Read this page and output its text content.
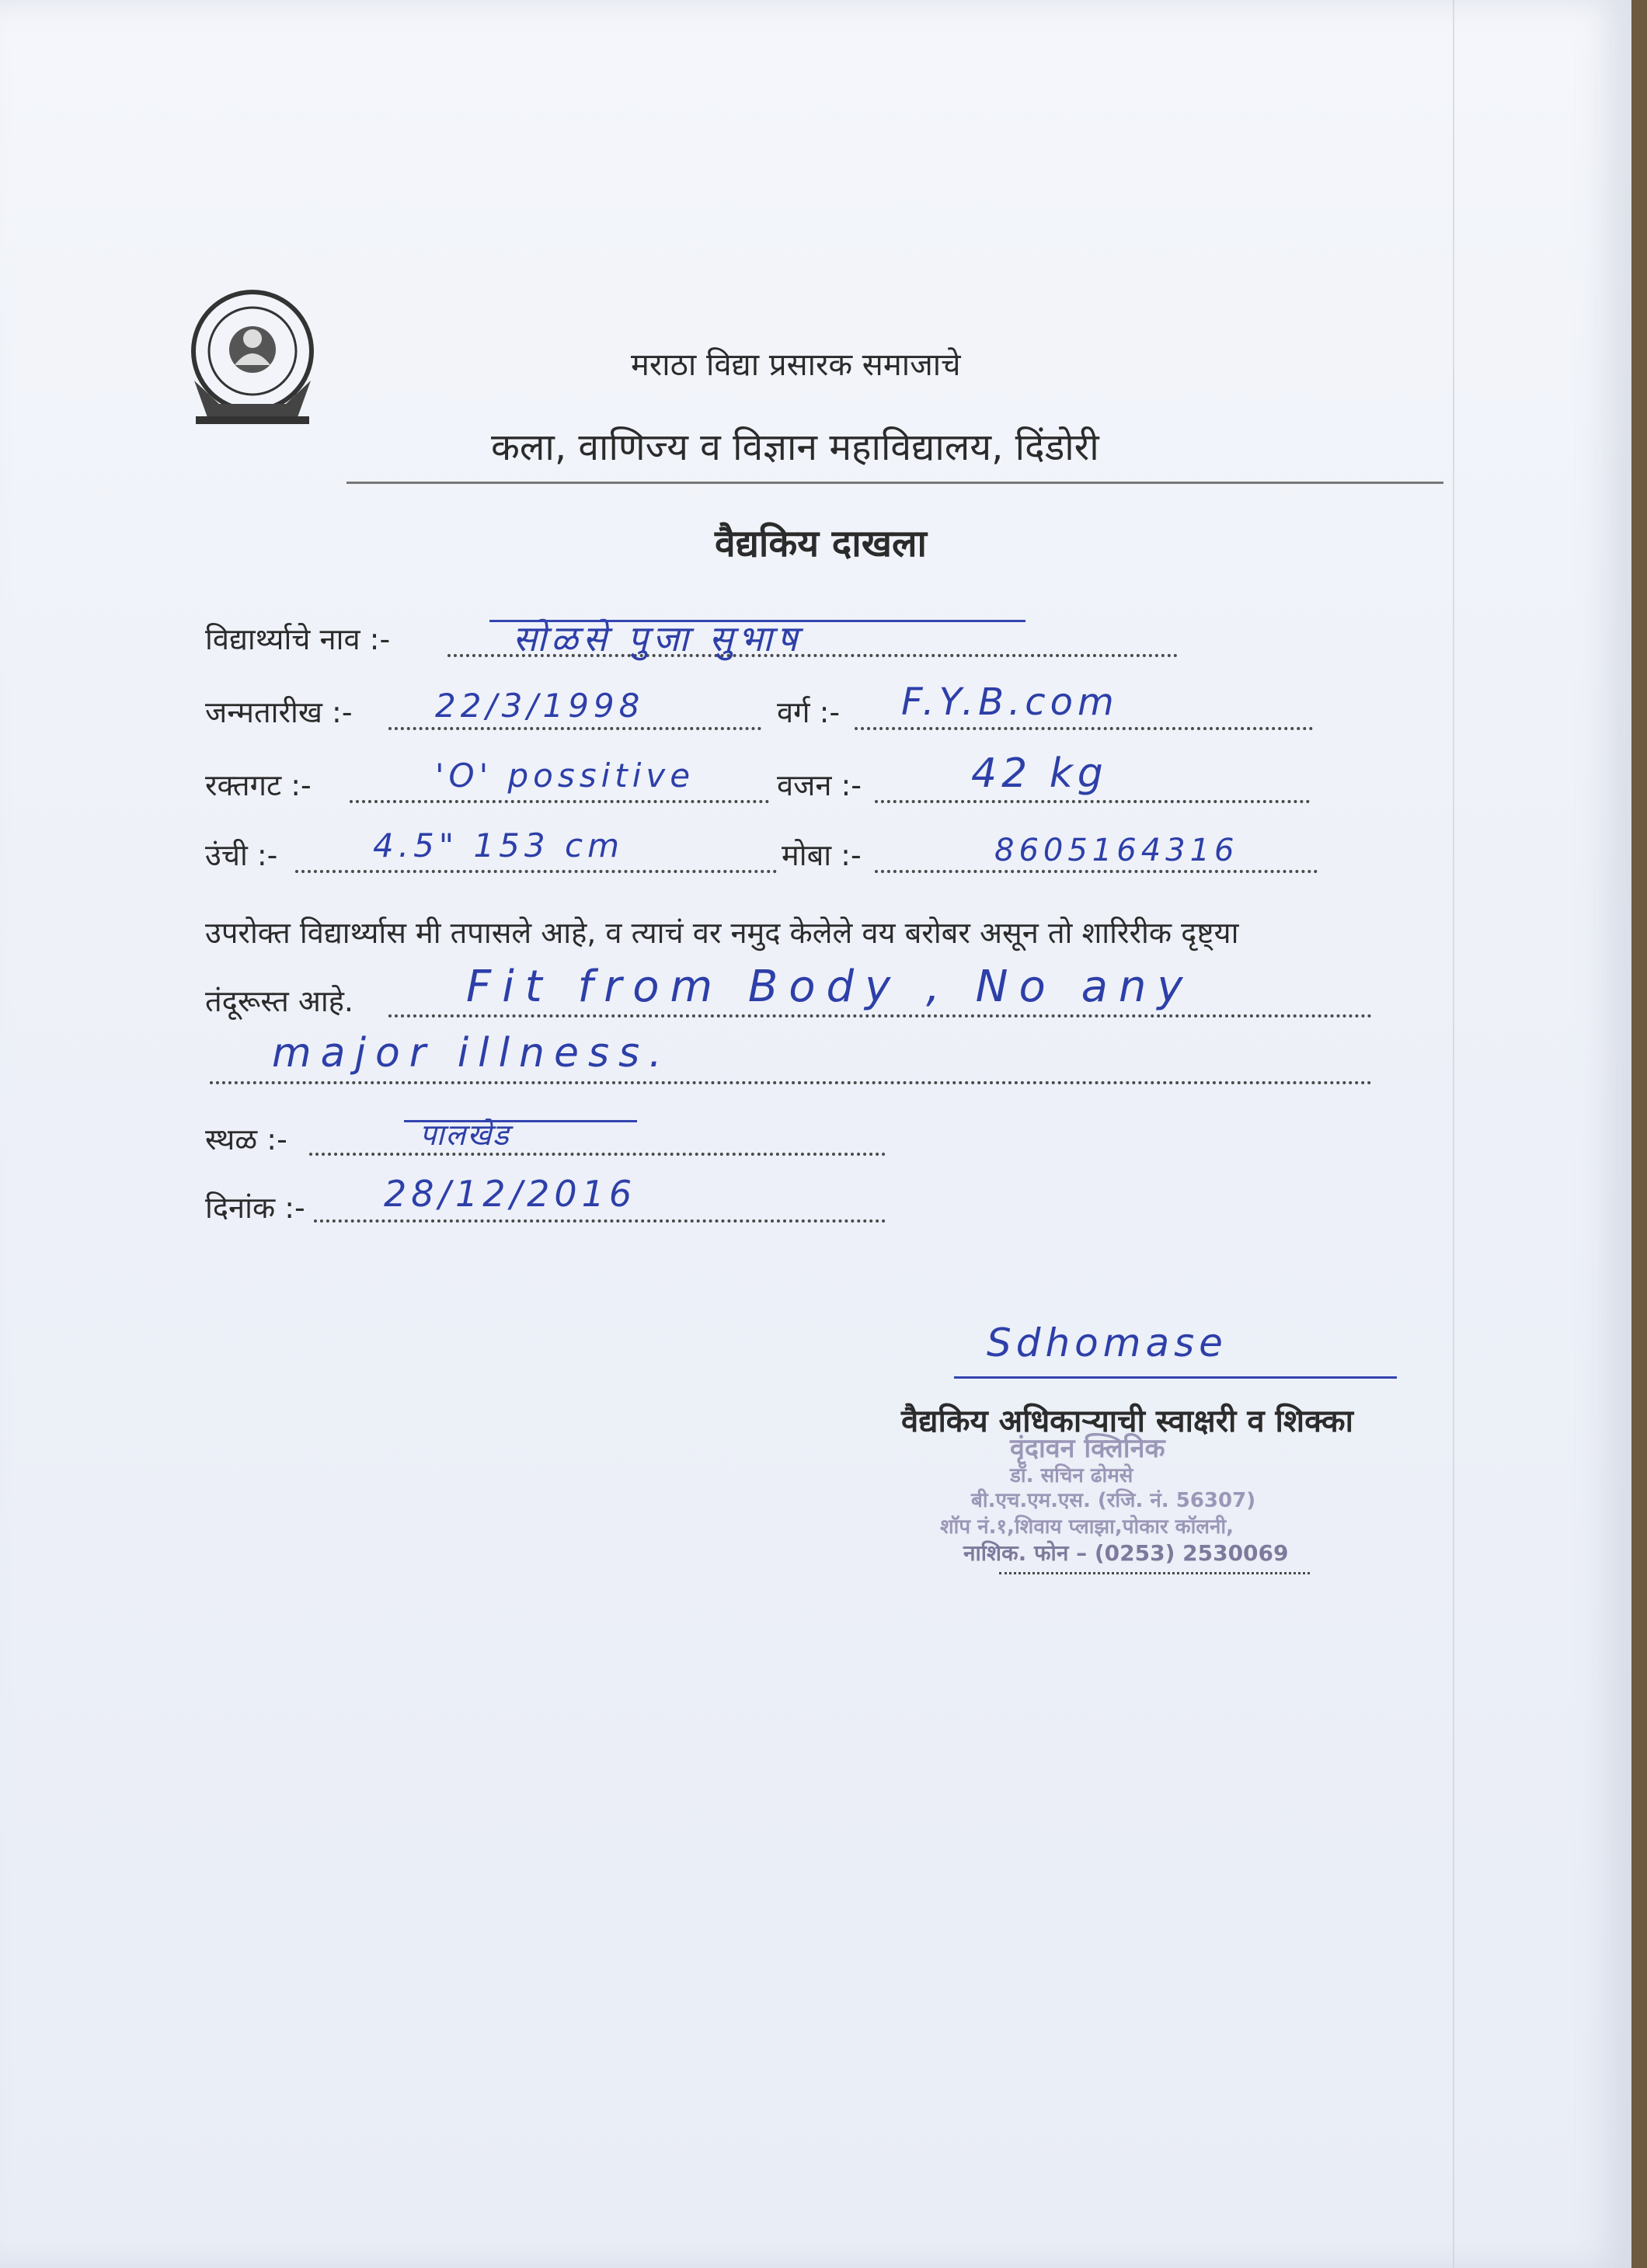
मराठा विद्या प्रसारक समाजाचे
कला, वाणिज्य व विज्ञान महाविद्यालय, दिंडोरी
वैद्यकिय दाखला
विद्यार्थ्याचे नाव :-	सोळसे पुजा सुभाष
जन्मतारीख :-	22/3/1998	वर्ग :- F.Y.B.com
रक्तगट :-	'O' possitive	वजन :-	42 kg
उंची :-	4.5" 153 cm	मोबा :-	8605164316
उपरोक्त विद्यार्थ्यास मी तपासले आहे, व त्याचं वर नमुद केलेले वय बरोबर असून तो शारिरीक दृष्ट्या
तंदूरूस्त आहे.	Fit from Body , No any
major illness.
स्थळ :-	पालखेड
दिनांक :- 28/12/2016
Sdhomase
वैद्यकिय अधिकाऱ्याची स्वाक्षरी व शिक्का
वृंदावन क्लिनिक
डॉ. सचिन ढोमसे
बी.एच.एम.एस. (रजि. नं. 56307)
शॉप नं.१,शिवाय प्लाझा,पोकार कॉलनी,
नाशिक. फोन – (0253) 2530069
